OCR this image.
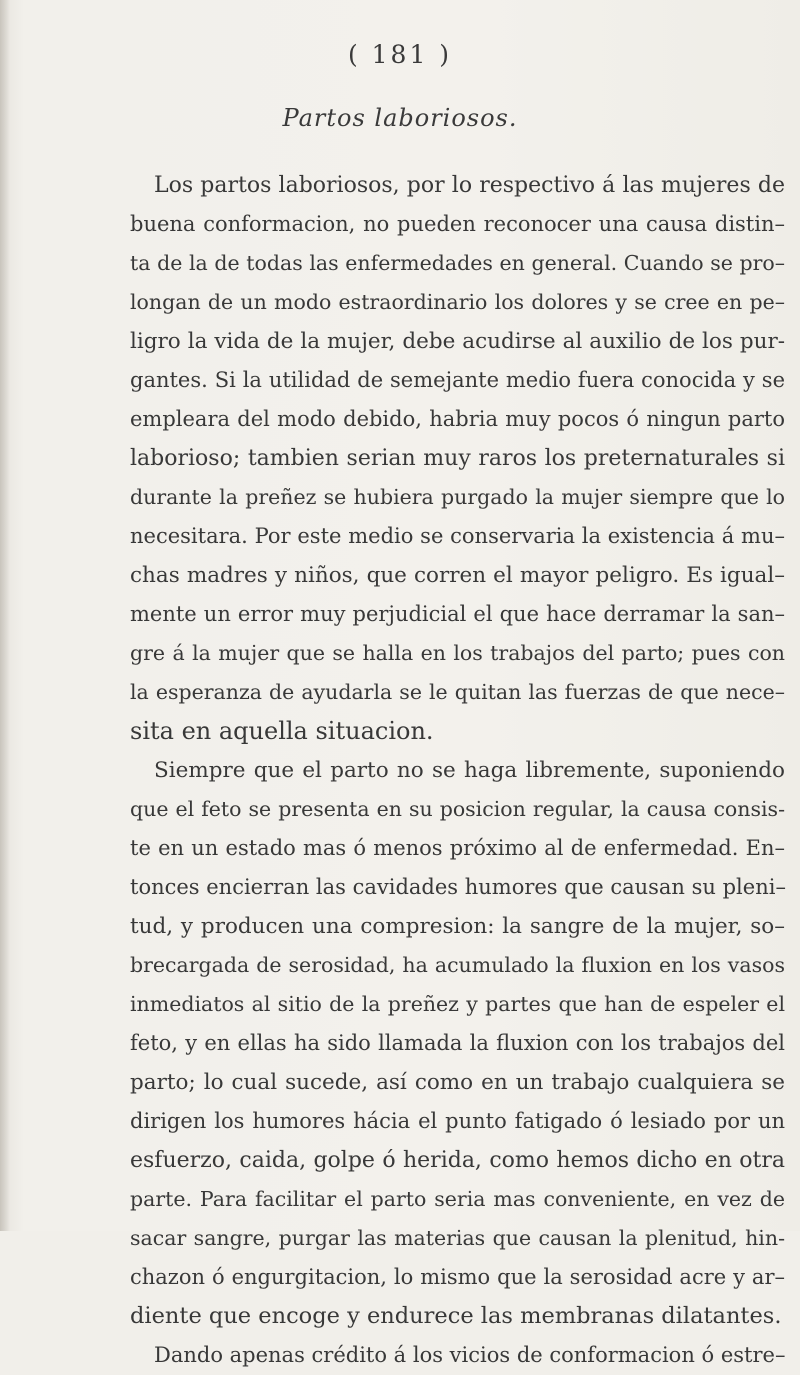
( 181 )
Partos laboriosos.
Los partos laboriosos, por lo respectivo á las mujeres de
buena conformacion, no pueden reconocer una causa distin–
ta de la de todas las enfermedades en general. Cuando se pro–
longan de un modo estraordinario los dolores y se cree en pe–
ligro la vida de la mujer, debe acudirse al auxilio de los pur-
gantes. Si la utilidad de semejante medio fuera conocida y se
empleara del modo debido, habria muy pocos ó ningun parto
laborioso; tambien serian muy raros los preternaturales si
durante la preñez se hubiera purgado la mujer siempre que lo
necesitara. Por este medio se conservaria la existencia á mu–
chas madres y niños, que corren el mayor peligro. Es igual–
mente un error muy perjudicial el que hace derramar la san–
gre á la mujer que se halla en los trabajos del parto; pues con
la esperanza de ayudarla se le quitan las fuerzas de que nece–
sita en aquella situacion.
Siempre que el parto no se haga libremente, suponiendo
que el feto se presenta en su posicion regular, la causa consis-
te en un estado mas ó menos próximo al de enfermedad. En–
tonces encierran las cavidades humores que causan su pleni–
tud, y producen una compresion: la sangre de la mujer, so–
brecargada de serosidad, ha acumulado la fluxion en los vasos
inmediatos al sitio de la preñez y partes que han de espeler el
feto, y en ellas ha sido llamada la fluxion con los trabajos del
parto; lo cual sucede, así como en un trabajo cualquiera se
dirigen los humores hácia el punto fatigado ó lesiado por un
esfuerzo, caida, golpe ó herida, como hemos dicho en otra
parte. Para facilitar el parto seria mas conveniente, en vez de
sacar sangre, purgar las materias que causan la plenitud, hin-
chazon ó engurgitacion, lo mismo que la serosidad acre y ar–
diente que encoge y endurece las membranas dilatantes.
Dando apenas crédito á los vicios de conformacion ó estre–
